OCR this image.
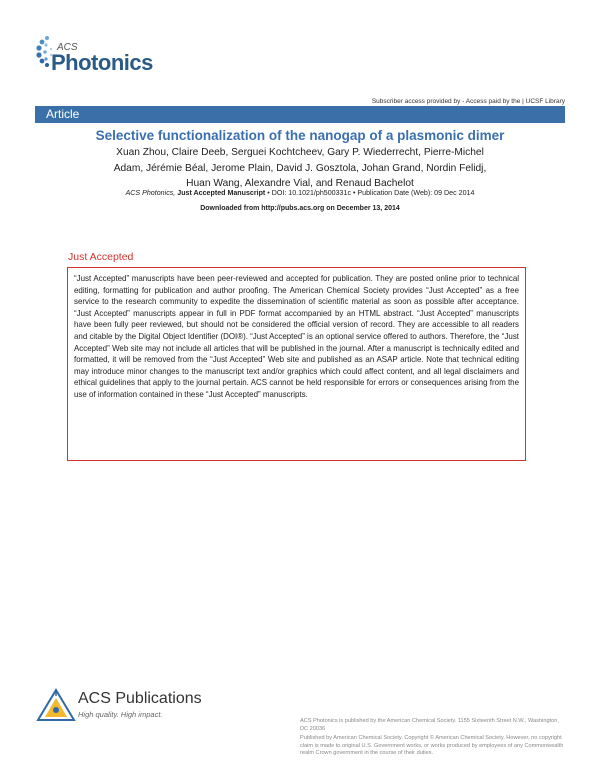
ACS
Photonics
Subscriber access provided by - Access paid by the | UCSF Library
Article
Selective functionalization of the nanogap of a plasmonic dimer
Xuan Zhou, Claire Deeb, Serguei Kochtcheev, Gary P. Wiederrecht, Pierre-Michel Adam, Jérémie Béal, Jerome Plain, David J. Gosztola, Johan Grand, Nordin Felidj, Huan Wang, Alexandre Vial, and Renaud Bachelot
ACS Photonics, Just Accepted Manuscript • DOI: 10.1021/ph500331c • Publication Date (Web): 09 Dec 2014
Downloaded from http://pubs.acs.org on December 13, 2014
Just Accepted

“Just Accepted” manuscripts have been peer-reviewed and accepted for publication. They are posted online prior to technical editing, formatting for publication and author proofing. The American Chemical Society provides “Just Accepted” as a free service to the research community to expedite the dissemination of scientific material as soon as possible after acceptance. “Just Accepted” manuscripts appear in full in PDF format accompanied by an HTML abstract. “Just Accepted” manuscripts have been fully peer reviewed, but should not be considered the official version of record. They are accessible to all readers and citable by the Digital Object Identifier (DOI®). “Just Accepted” is an optional service offered to authors. Therefore, the “Just Accepted” Web site may not include all articles that will be published in the journal. After a manuscript is technically edited and formatted, it will be removed from the “Just Accepted” Web site and published as an ASAP article. Note that technical editing may introduce minor changes to the manuscript text and/or graphics which could affect content, and all legal disclaimers and ethical guidelines that apply to the journal pertain. ACS cannot be held responsible for errors or consequences arising from the use of information contained in these “Just Accepted” manuscripts.

ACS Publications
High quality. High impact.

ACS Photonics is published by the American Chemical Society. 1155 Sixteenth Street N.W., Washington, DC 20036

Published by American Chemical Society. Copyright © American Chemical Society. However, no copyright claim is made to original U.S. Government works, or works produced by employees of any Commonwealth realm Crown government in the course of their duties.
